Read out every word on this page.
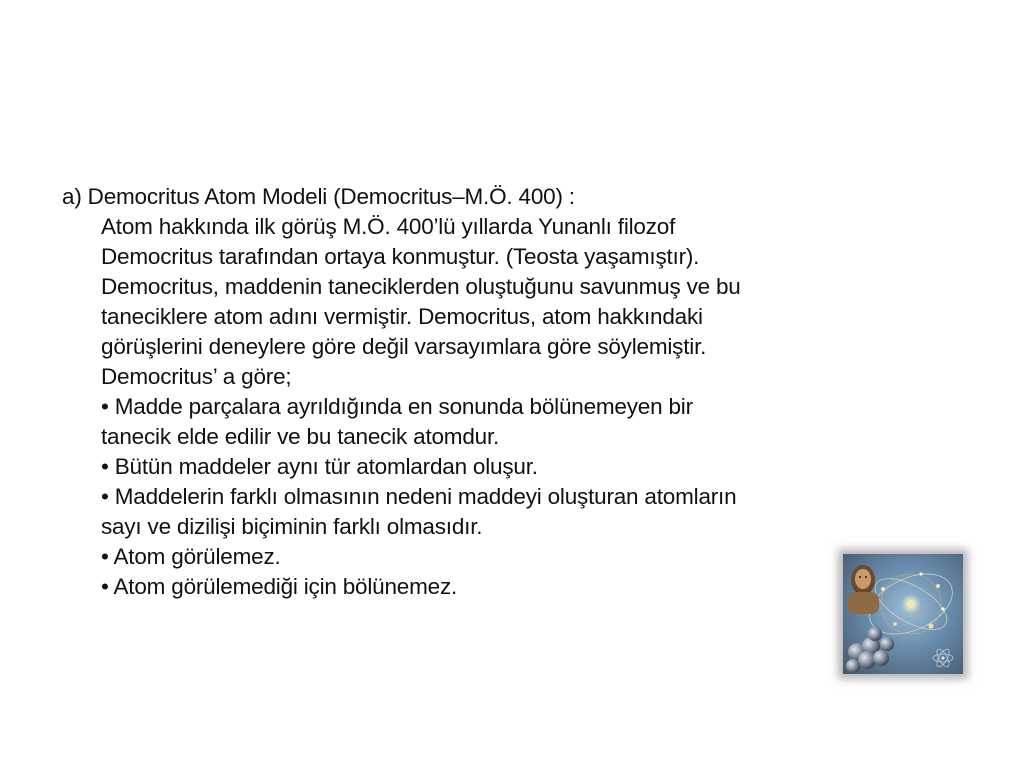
a) Democritus Atom Modeli (Democritus–M.Ö. 400) :
Atom hakkında ilk görüş M.Ö. 400’lü yıllarda Yunanlı filozof
Democritus tarafından ortaya konmuştur. (Teosta yaşamıştır).
Democritus, maddenin taneciklerden oluştuğunu savunmuş ve bu
taneciklere atom adını vermiştir. Democritus, atom hakkındaki
görüşlerini deneylere göre değil varsayımlara göre söylemiştir.
Democritus’ a göre;
• Madde parçalara ayrıldığında en sonunda bölünemeyen bir
tanecik elde edilir ve bu tanecik atomdur.
• Bütün maddeler aynı tür atomlardan oluşur.
• Maddelerin farklı olmasının nedeni maddeyi oluşturan atomların
sayı ve dizilişi biçiminin farklı olmasıdır.
• Atom görülemez.
• Atom görülemediği için bölünemez.
